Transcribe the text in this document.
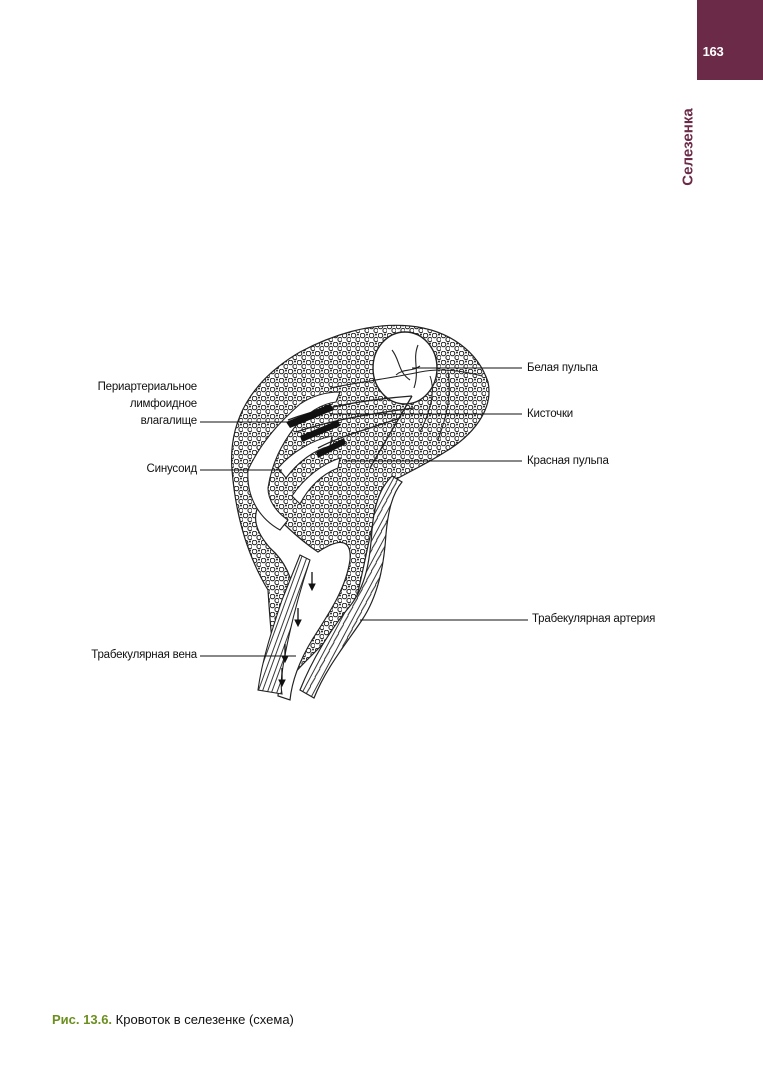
163
Селезенка
Белая пульпа
Периартериальное
лимфоидное
влагалище
Кисточки
Синусоид
Красная пульпа
Трабекулярная артерия
Трабекулярная вена
Рис. 13.6. Кровоток в селезенке (схема)
